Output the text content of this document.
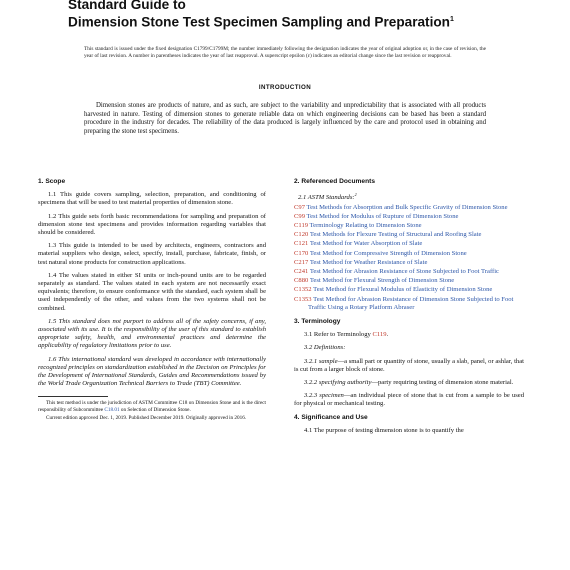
Standard Guide to
Dimension Stone Test Specimen Sampling and Preparation$^1$
This standard is issued under the fixed designation C1799/C1799M; the number immediately following the designation indicates the year of original adoption or, in the case of revision, the year of last revision. A number in parentheses indicates the year of last reapproval. A superscript epsilon (ε) indicates an editorial change since the last revision or reapproval.
INTRODUCTION
Dimension stones are products of nature, and as such, are subject to the variability and unpredictability that is associated with all products harvested in nature. Testing of dimension stones to generate reliable data on which engineering decisions can be based has been a standard procedure in the industry for decades. The reliability of the data produced is largely influenced by the care and protocol used in obtaining and preparing the stone test specimens.
1. Scope

1.1 This guide covers sampling, selection, preparation, and conditioning of specimens that will be used to test material properties of dimension stone.

1.2 This guide sets forth basic recommendations for sampling and preparation of dimension stone test specimens and provides information regarding variables that should be considered.

1.3 This guide is intended to be used by architects, engineers, contractors and material suppliers who design, select, specify, install, purchase, fabricate, finish, or test natural stone products for construction applications.

1.4 The values stated in either SI units or inch-pound units are to be regarded separately as standard. The values stated in each system are not necessarily exact equivalents; therefore, to ensure conformance with the standard, each system shall be used independently of the other, and values from the two systems shall not be combined.

1.5 This standard does not purport to address all of the safety concerns, if any, associated with its use. It is the responsibility of the user of this standard to establish appropriate safety, health, and environmental practices and determine the applicability of regulatory limitations prior to use.

1.6 This international standard was developed in accordance with internationally recognized principles on standardization established in the Decision on Principles for the Development of International Standards, Guides and Recommendations issued by the World Trade Organization Technical Barriers to Trade (TBT) Committee.

This test method is under the jurisdiction of ASTM Committee C18 on Dimension Stone and is the direct responsibility of Subcommittee C18.01 on Selection of Dimension Stone.

Current edition approved Dec. 1, 2019. Published December 2019. Originally approved in 2016.

2. Referenced Documents
2.1 ASTM Standards:$^2$
C97 Test Methods for Absorption and Bulk Specific Gravity of Dimension Stone
C99 Test Method for Modulus of Rupture of Dimension Stone
C119 Terminology Relating to Dimension Stone
C120 Test Methods for Flexure Testing of Structural and Roofing Slate
C121 Test Method for Water Absorption of Slate
C170 Test Method for Compressive Strength of Dimension Stone
C217 Test Method for Weather Resistance of Slate
C241 Test Method for Abrasion Resistance of Stone Subjected to Foot Traffic
C880 Test Method for Flexural Strength of Dimension Stone
C1352 Test Method for Flexural Modulus of Elasticity of Dimension Stone
C1353 Test Method for Abrasion Resistance of Dimension Stone Subjected to Foot Traffic Using a Rotary Platform Abraser
3. Terminology

3.1 Refer to Terminology C119.

3.2 Definitions:

3.2.1 sample—a small part or quantity of stone, usually a slab, panel, or ashlar, that is cut from a larger block of stone.

3.2.2 specifying authority—party requiring testing of dimension stone material.

3.2.3 specimen—an individual piece of stone that is cut from a sample to be used for physical or mechanical testing.

4. Significance and Use

4.1 The purpose of testing dimension stone is to quantify the
